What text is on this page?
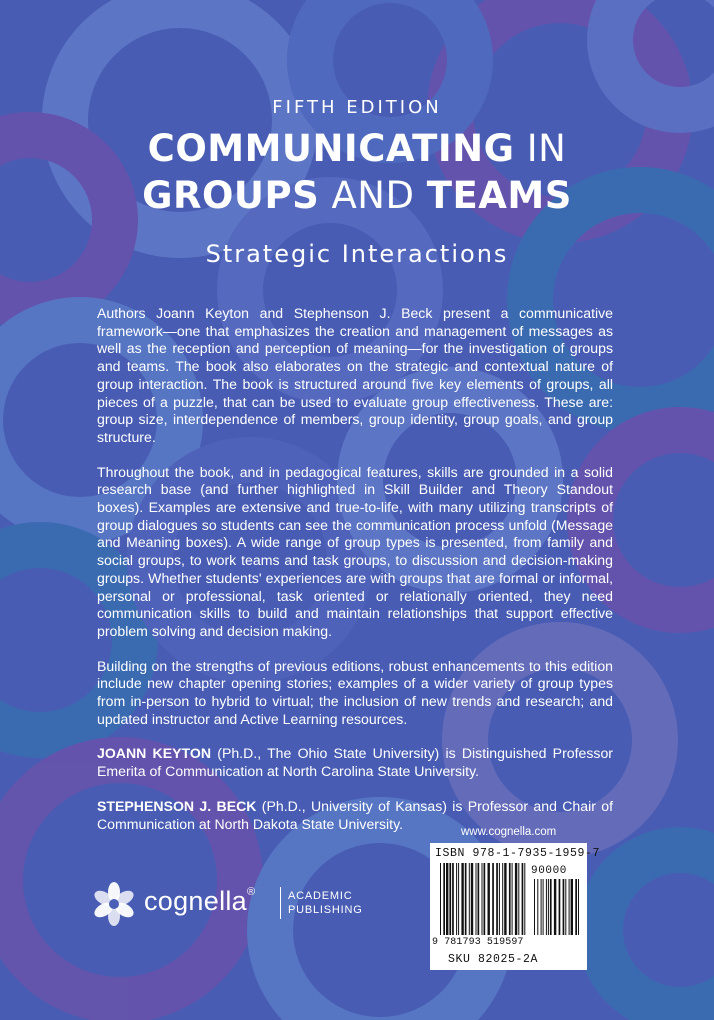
FIFTH EDITION
COMMUNICATING IN
GROUPS AND TEAMS
Strategic Interactions

Authors Joann Keyton and Stephenson J. Beck present a communicative framework—one that emphasizes the creation and management of messages as well as the reception and perception of meaning—for the investigation of groups and teams. The book also elaborates on the strategic and contextual nature of group interaction. The book is structured around five key elements of groups, all pieces of a puzzle, that can be used to evaluate group effectiveness. These are: group size, interdependence of members, group identity, group goals, and group structure.

Throughout the book, and in pedagogical features, skills are grounded in a solid research base (and further highlighted in Skill Builder and Theory Standout boxes). Examples are extensive and true-to-life, with many utilizing transcripts of group dialogues so students can see the communication process unfold (Message and Meaning boxes). A wide range of group types is presented, from family and social groups, to work teams and task groups, to discussion and decision-making groups. Whether students' experiences are with groups that are formal or informal, personal or professional, task oriented or relationally oriented, they need communication skills to build and maintain relationships that support effective problem solving and decision making.

Building on the strengths of previous editions, robust enhancements to this edition include new chapter opening stories; examples of a wider variety of group types from in-person to hybrid to virtual; the inclusion of new trends and research; and updated instructor and Active Learning resources.

JOANN KEYTON (Ph.D., The Ohio State University) is Distinguished Professor Emerita of Communication at North Carolina State University.

STEPHENSON J. BECK (Ph.D., University of Kansas) is Professor and Chair of Communication at North Dakota State University.

cognella®	ACADEMIC
PUBLISHING
www.cognella.com
ISBN 978-1-7935-1959-7
90000
9 781793 519597
SKU 82025-2A
